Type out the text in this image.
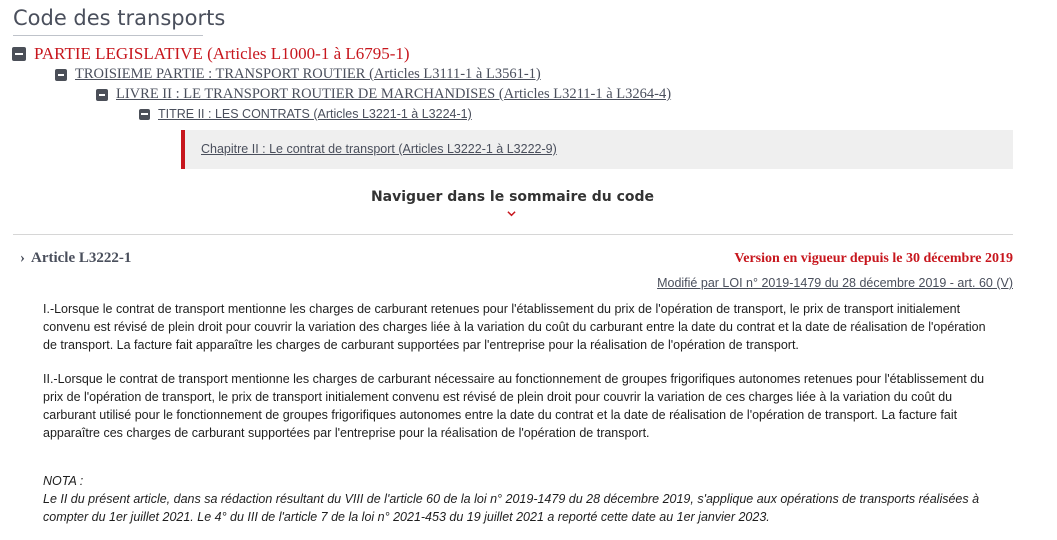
Code des transports
PARTIE LEGISLATIVE (Articles L1000-1 à L6795-1)
TROISIEME PARTIE : TRANSPORT ROUTIER (Articles L3111-1 à L3561-1)
LIVRE II : LE TRANSPORT ROUTIER DE MARCHANDISES (Articles L3211-1 à L3264-4)
TITRE II : LES CONTRATS (Articles L3221-1 à L3224-1)
Chapitre II : Le contrat de transport (Articles L3222-1 à L3222-9)
Naviguer dans le sommaire du code
› Article L3222-1	Version en vigueur depuis le 30 décembre 2019
Modifié par LOI n° 2019-1479 du 28 décembre 2019 - art. 60 (V)
I.-Lorsque le contrat de transport mentionne les charges de carburant retenues pour l'établissement du prix de l'opération de transport, le prix de transport initialement convenu est révisé de plein droit pour couvrir la variation des charges liée à la variation du coût du carburant entre la date du contrat et la date de réalisation de l'opération de transport. La facture fait apparaître les charges de carburant supportées par l'entreprise pour la réalisation de l'opération de transport.
II.-Lorsque le contrat de transport mentionne les charges de carburant nécessaire au fonctionnement de groupes frigorifiques autonomes retenues pour l'établissement du prix de l'opération de transport, le prix de transport initialement convenu est révisé de plein droit pour couvrir la variation de ces charges liée à la variation du coût du carburant utilisé pour le fonctionnement de groupes frigorifiques autonomes entre la date du contrat et la date de réalisation de l'opération de transport. La facture fait apparaître ces charges de carburant supportées par l'entreprise pour la réalisation de l'opération de transport.
NOTA :
Le II du présent article, dans sa rédaction résultant du VIII de l'article 60 de la loi n° 2019-1479 du 28 décembre 2019, s'applique aux opérations de transports réalisées à compter du 1er juillet 2021. Le 4° du III de l'article 7 de la loi n° 2021-453 du 19 juillet 2021 a reporté cette date au 1er janvier 2023.
